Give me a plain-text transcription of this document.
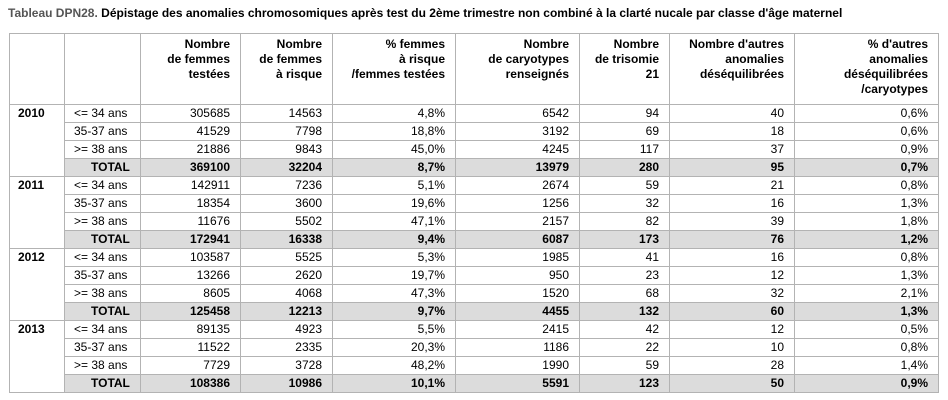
Tableau DPN28. Dépistage des anomalies chromosomiques après test du 2ème trimestre non combiné à la clarté nucale par classe d'âge maternel
		Nombre
de femmes
testées	Nombre
de femmes
à risque	% femmes
à risque
/femmes testées	Nombre
de caryotypes
renseignés	Nombre
de trisomie
21	Nombre d'autres
anomalies
déséquilibrées	% d'autres
anomalies
déséquilibrées
/caryotypes
2010	<= 34 ans	305685	14563	4,8%	6542	94	40	0,6%
	35-37 ans	41529	7798	18,8%	3192	69	18	0,6%
	>= 38 ans	21886	9843	45,0%	4245	117	37	0,9%
	TOTAL	369100	32204	8,7%	13979	280	95	0,7%
2011	<= 34 ans	142911	7236	5,1%	2674	59	21	0,8%
	35-37 ans	18354	3600	19,6%	1256	32	16	1,3%
	>= 38 ans	11676	5502	47,1%	2157	82	39	1,8%
	TOTAL	172941	16338	9,4%	6087	173	76	1,2%
2012	<= 34 ans	103587	5525	5,3%	1985	41	16	0,8%
	35-37 ans	13266	2620	19,7%	950	23	12	1,3%
	>= 38 ans	8605	4068	47,3%	1520	68	32	2,1%
	TOTAL	125458	12213	9,7%	4455	132	60	1,3%
2013	<= 34 ans	89135	4923	5,5%	2415	42	12	0,5%
	35-37 ans	11522	2335	20,3%	1186	22	10	0,8%
	>= 38 ans	7729	3728	48,2%	1990	59	28	1,4%
	TOTAL	108386	10986	10,1%	5591	123	50	0,9%
